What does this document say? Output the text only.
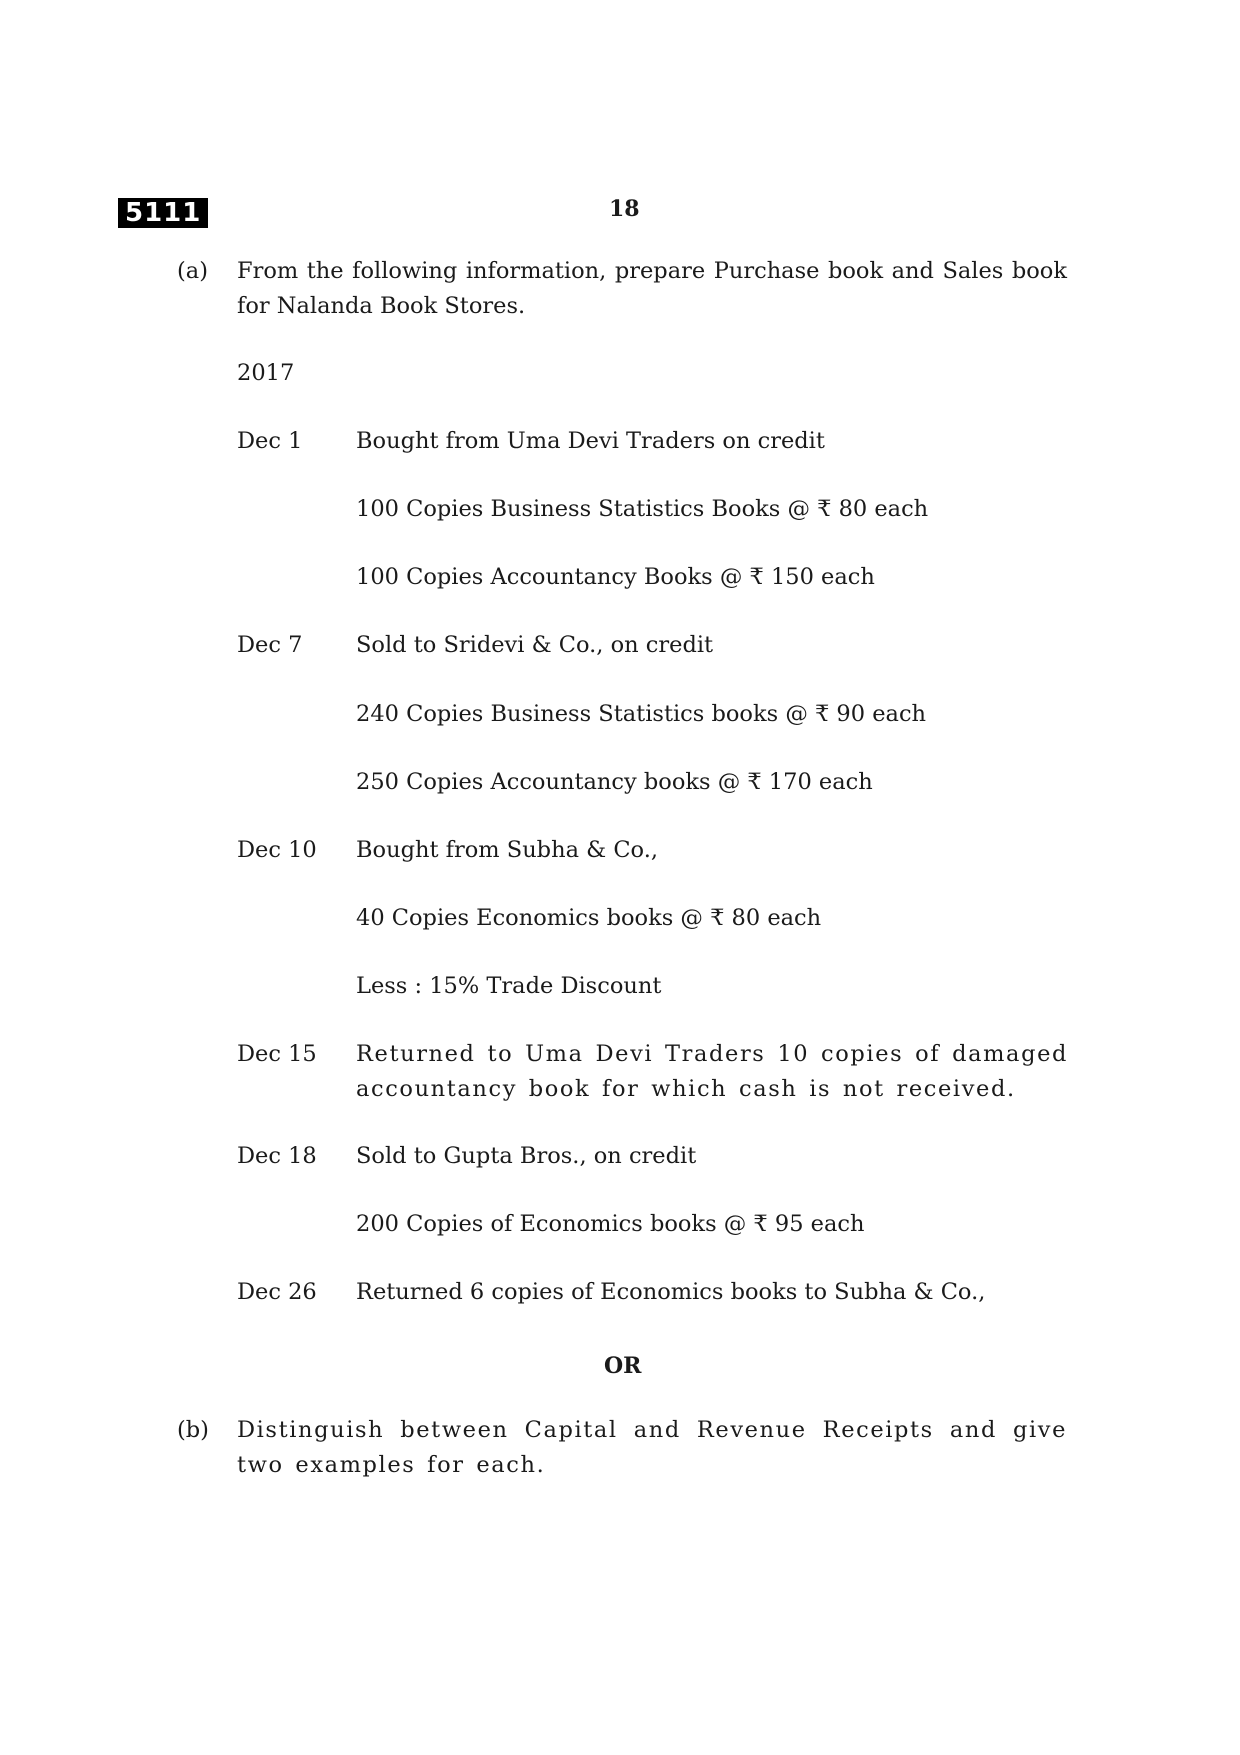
5111	18
(a) From the following information, prepare Purchase book and Sales book for Nalanda Book Stores.
2017
Dec 1 Bought from Uma Devi Traders on credit
100 Copies Business Statistics Books @ ₹ 80 each
100 Copies Accountancy Books @ ₹ 150 each
Dec 7 Sold to Sridevi & Co., on credit
240 Copies Business Statistics books @ ₹ 90 each
250 Copies Accountancy books @ ₹ 170 each
Dec 10 Bought from Subha & Co.,
40 Copies Economics books @ ₹ 80 each
Less : 15% Trade Discount
Dec 15 Returned to Uma Devi Traders 10 copies of damaged accountancy book for which cash is not received.
Dec 18 Sold to Gupta Bros., on credit
200 Copies of Economics books @ ₹ 95 each
Dec 26 Returned 6 copies of Economics books to Subha & Co.,
OR
(b) Distinguish between Capital and Revenue Receipts and give two examples for each.
